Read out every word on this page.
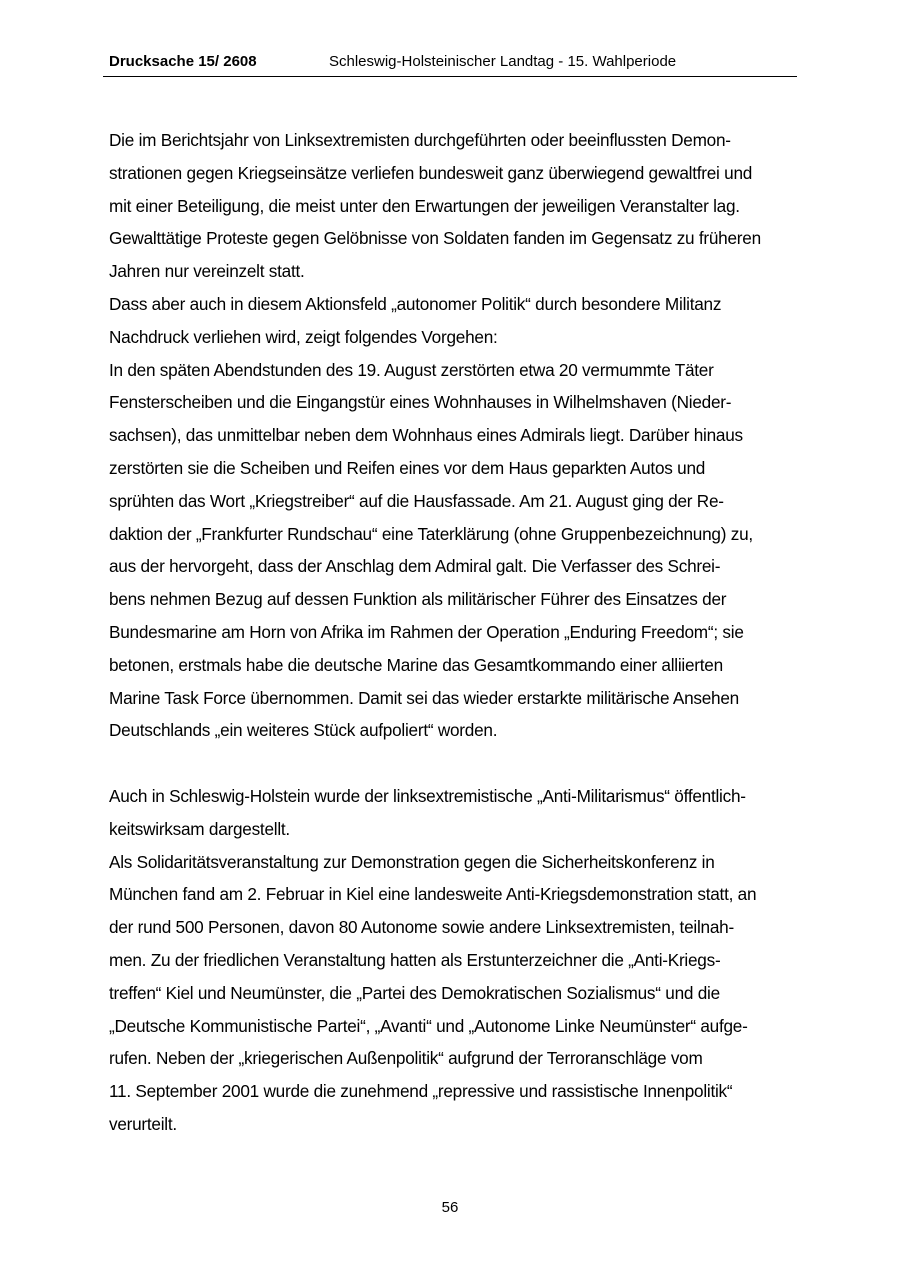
Drucksache 15/ 2608	Schleswig-Holsteinischer Landtag - 15. Wahlperiode
Die im Berichtsjahr von Linksextremisten durchgeführten oder beeinflussten Demon-
strationen gegen Kriegseinsätze verliefen bundesweit ganz überwiegend gewaltfrei und
mit einer Beteiligung, die meist unter den Erwartungen der jeweiligen Veranstalter lag.
Gewalttätige Proteste gegen Gelöbnisse von Soldaten fanden im Gegensatz zu früheren
Jahren nur vereinzelt statt.
Dass aber auch in diesem Aktionsfeld „autonomer Politik“ durch besondere Militanz
Nachdruck verliehen wird, zeigt folgendes Vorgehen:
In den späten Abendstunden des 19. August zerstörten etwa 20 vermummte Täter
Fensterscheiben und die Eingangstür eines Wohnhauses in Wilhelmshaven (Nieder-
sachsen), das unmittelbar neben dem Wohnhaus eines Admirals liegt. Darüber hinaus
zerstörten sie die Scheiben und Reifen eines vor dem Haus geparkten Autos und
sprühten das Wort „Kriegstreiber“ auf die Hausfassade. Am 21. August ging der Re-
daktion der „Frankfurter Rundschau“ eine Taterklärung (ohne Gruppenbezeichnung) zu,
aus der hervorgeht, dass der Anschlag dem Admiral galt. Die Verfasser des Schrei-
bens nehmen Bezug auf dessen Funktion als militärischer Führer des Einsatzes der
Bundesmarine am Horn von Afrika im Rahmen der Operation „Enduring Freedom“; sie
betonen, erstmals habe die deutsche Marine das Gesamtkommando einer alliierten
Marine Task Force übernommen. Damit sei das wieder erstarkte militärische Ansehen
Deutschlands „ein weiteres Stück aufpoliert“ worden.
Auch in Schleswig-Holstein wurde der linksextremistische „Anti-Militarismus“ öffentlich-
keitswirksam dargestellt.
Als Solidaritätsveranstaltung zur Demonstration gegen die Sicherheitskonferenz in
München fand am 2. Februar in Kiel eine landesweite Anti-Kriegsdemonstration statt, an
der rund 500 Personen, davon 80 Autonome sowie andere Linksextremisten, teilnah-
men. Zu der friedlichen Veranstaltung hatten als Erstunterzeichner die „Anti-Kriegs-
treffen“ Kiel und Neumünster, die „Partei des Demokratischen Sozialismus“ und die
„Deutsche Kommunistische Partei“, „Avanti“ und „Autonome Linke Neumünster“ aufge-
rufen. Neben der „kriegerischen Außenpolitik“ aufgrund der Terroranschläge vom
11. September 2001 wurde die zunehmend „repressive und rassistische Innenpolitik“
verurteilt.
56
